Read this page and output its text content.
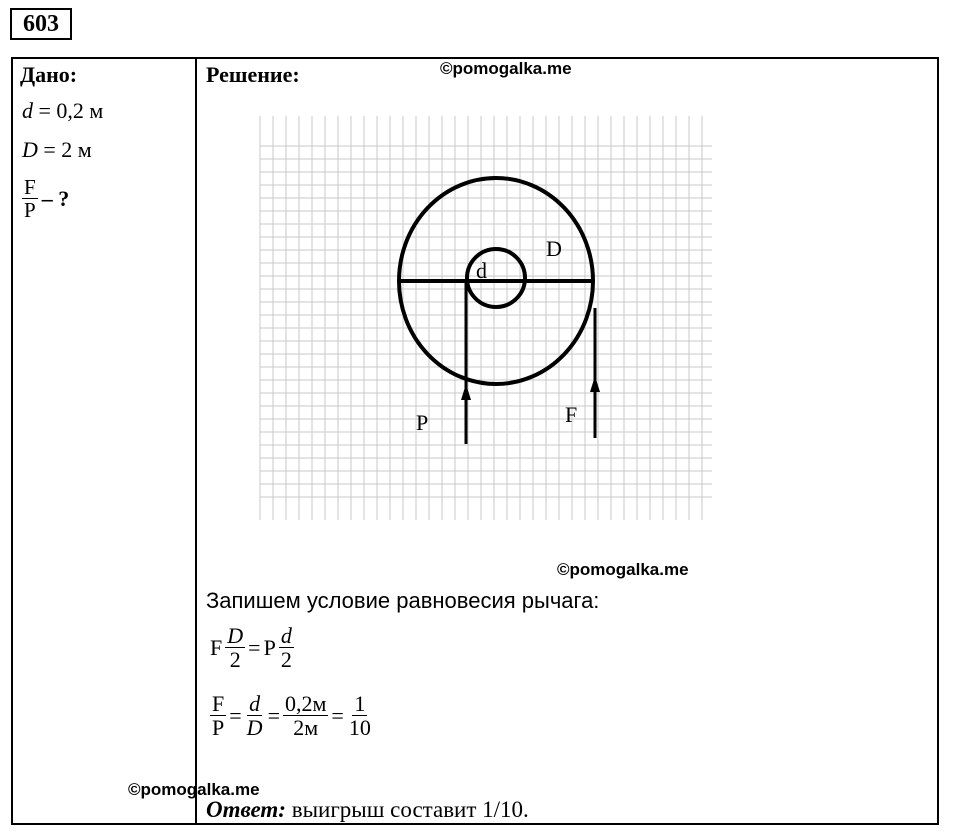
603
Дано:
d = 0,2 м
D = 2 м
$\frac{F}{P}$ – ?
Решение:	©pomogalka.me
D
d
P	F
©pomogalka.me
Запишем условие равновесия рычага:
F $\frac{D}{2} = P \frac{d}{2}$
$\frac{F}{P} = \frac{d}{D} = \frac{0,2м}{2м} = \frac{1}{10}$
©pomogalka.me
Ответ: выигрыш составит 1/10.
